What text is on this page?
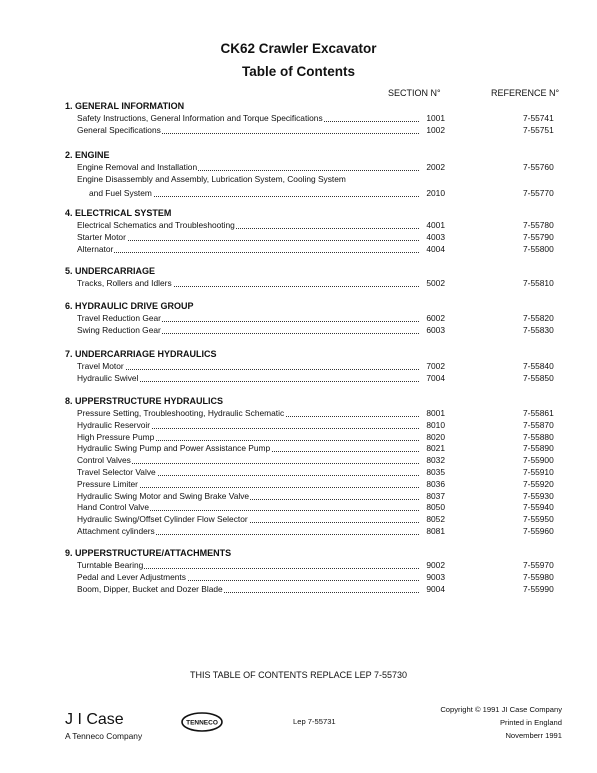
CK62 Crawler Excavator
Table of Contents
SECTION N°	REFERENCE N°
1. GENERAL INFORMATION
Safety Instructions, General Information and Torque Specifications	1001	7-55741
General Specifications	1002	7-55751
2. ENGINE
Engine Removal and Installation	2002	7-55760
Engine Disassembly and Assembly, Lubrication System, Cooling System
and Fuel System	2010	7-55770
4. ELECTRICAL SYSTEM
Electrical Schematics and Troubleshooting	4001	7-55780
Starter Motor	4003	7-55790
Alternator	4004	7-55800
5. UNDERCARRIAGE
Tracks, Rollers and Idlers	5002	7-55810
6. HYDRAULIC DRIVE GROUP
Travel Reduction Gear	6002	7-55820
Swing Reduction Gear	6003	7-55830
7. UNDERCARRIAGE HYDRAULICS
Travel Motor	7002	7-55840
Hydraulic Swivel	7004	7-55850
8. UPPERSTRUCTURE HYDRAULICS
Pressure Setting, Troubleshooting, Hydraulic Schematic	8001	7-55861
Hydraulic Reservoir	8010	7-55870
High Pressure Pump	8020	7-55880
Hydraulic Swing Pump and Power Assistance Pump	8021	7-55890
Control Valves	8032	7-55900
Travel Selector Valve	8035	7-55910
Pressure Limiter	8036	7-55920
Hydraulic Swing Motor and Swing Brake Valve	8037	7-55930
Hand Control Valve	8050	7-55940
Hydraulic Swing/Offset Cylinder Flow Selector	8052	7-55950
Attachment cylinders	8081	7-55960
9. UPPERSTRUCTURE/ATTACHMENTS
Turntable Bearing	9002	7-55970
Pedal and Lever Adjustments	9003	7-55980
Boom, Dipper, Bucket and Dozer Blade	9004	7-55990
THIS TABLE OF CONTENTS REPLACE LEP 7-55730
J I Case
A Tenneco Company
TENNECO	Lep 7-55731
Copyright © 1991 JI Case Company
Printed in England
Novemberr 1991
